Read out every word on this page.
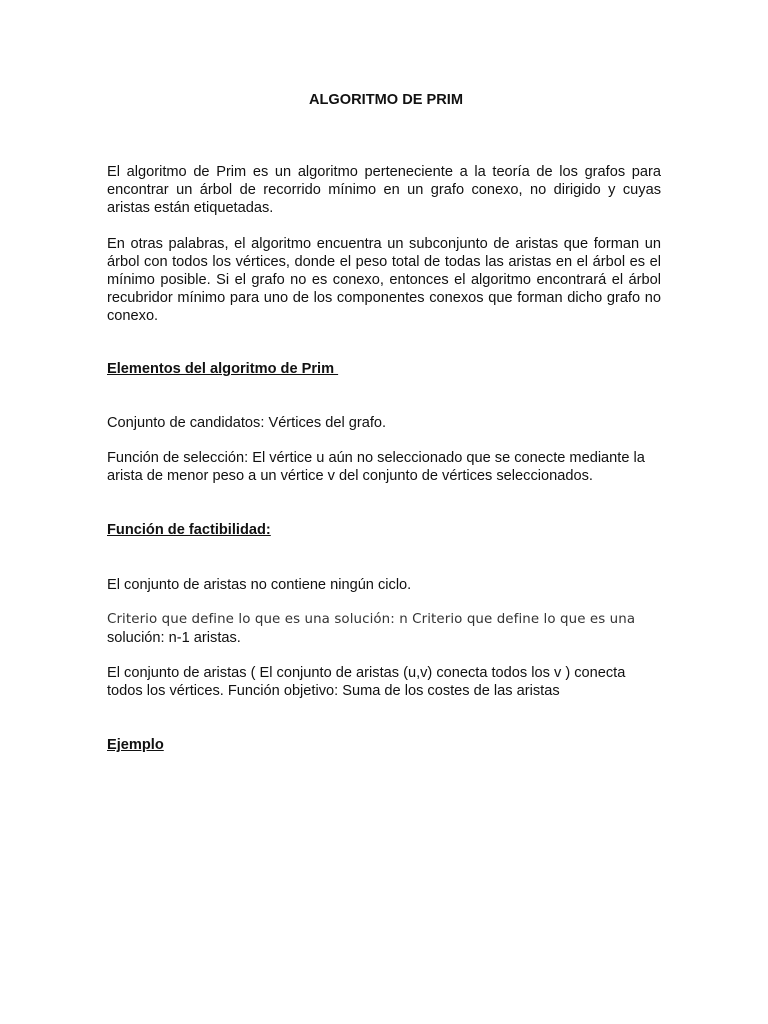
ALGORITMO DE PRIM

El algoritmo de Prim es un algoritmo perteneciente a la teoría de los grafos para encontrar un árbol de recorrido mínimo en un grafo conexo, no dirigido y cuyas aristas están etiquetadas.

En otras palabras, el algoritmo encuentra un subconjunto de aristas que forman un árbol con todos los vértices, donde el peso total de todas las aristas en el árbol es el mínimo posible. Si el grafo no es conexo, entonces el algoritmo encontrará el árbol recubridor mínimo para uno de los componentes conexos que forman dicho grafo no conexo.

Elementos del algoritmo de Prim

Conjunto de candidatos: Vértices del grafo.

Función de selección: El vértice u aún no seleccionado que se conecte mediante la arista de menor peso a un vértice v del conjunto de vértices seleccionados.

Función de factibilidad:

El conjunto de aristas no contiene ningún ciclo.

Criterio que define lo que es una solución: n Criterio que define lo que es una

solución: n-1 aristas.

El conjunto de aristas ( El conjunto de aristas (u,v) conecta todos los v ) conecta todos los vértices. Función objetivo: Suma de los costes de las aristas

Ejemplo
